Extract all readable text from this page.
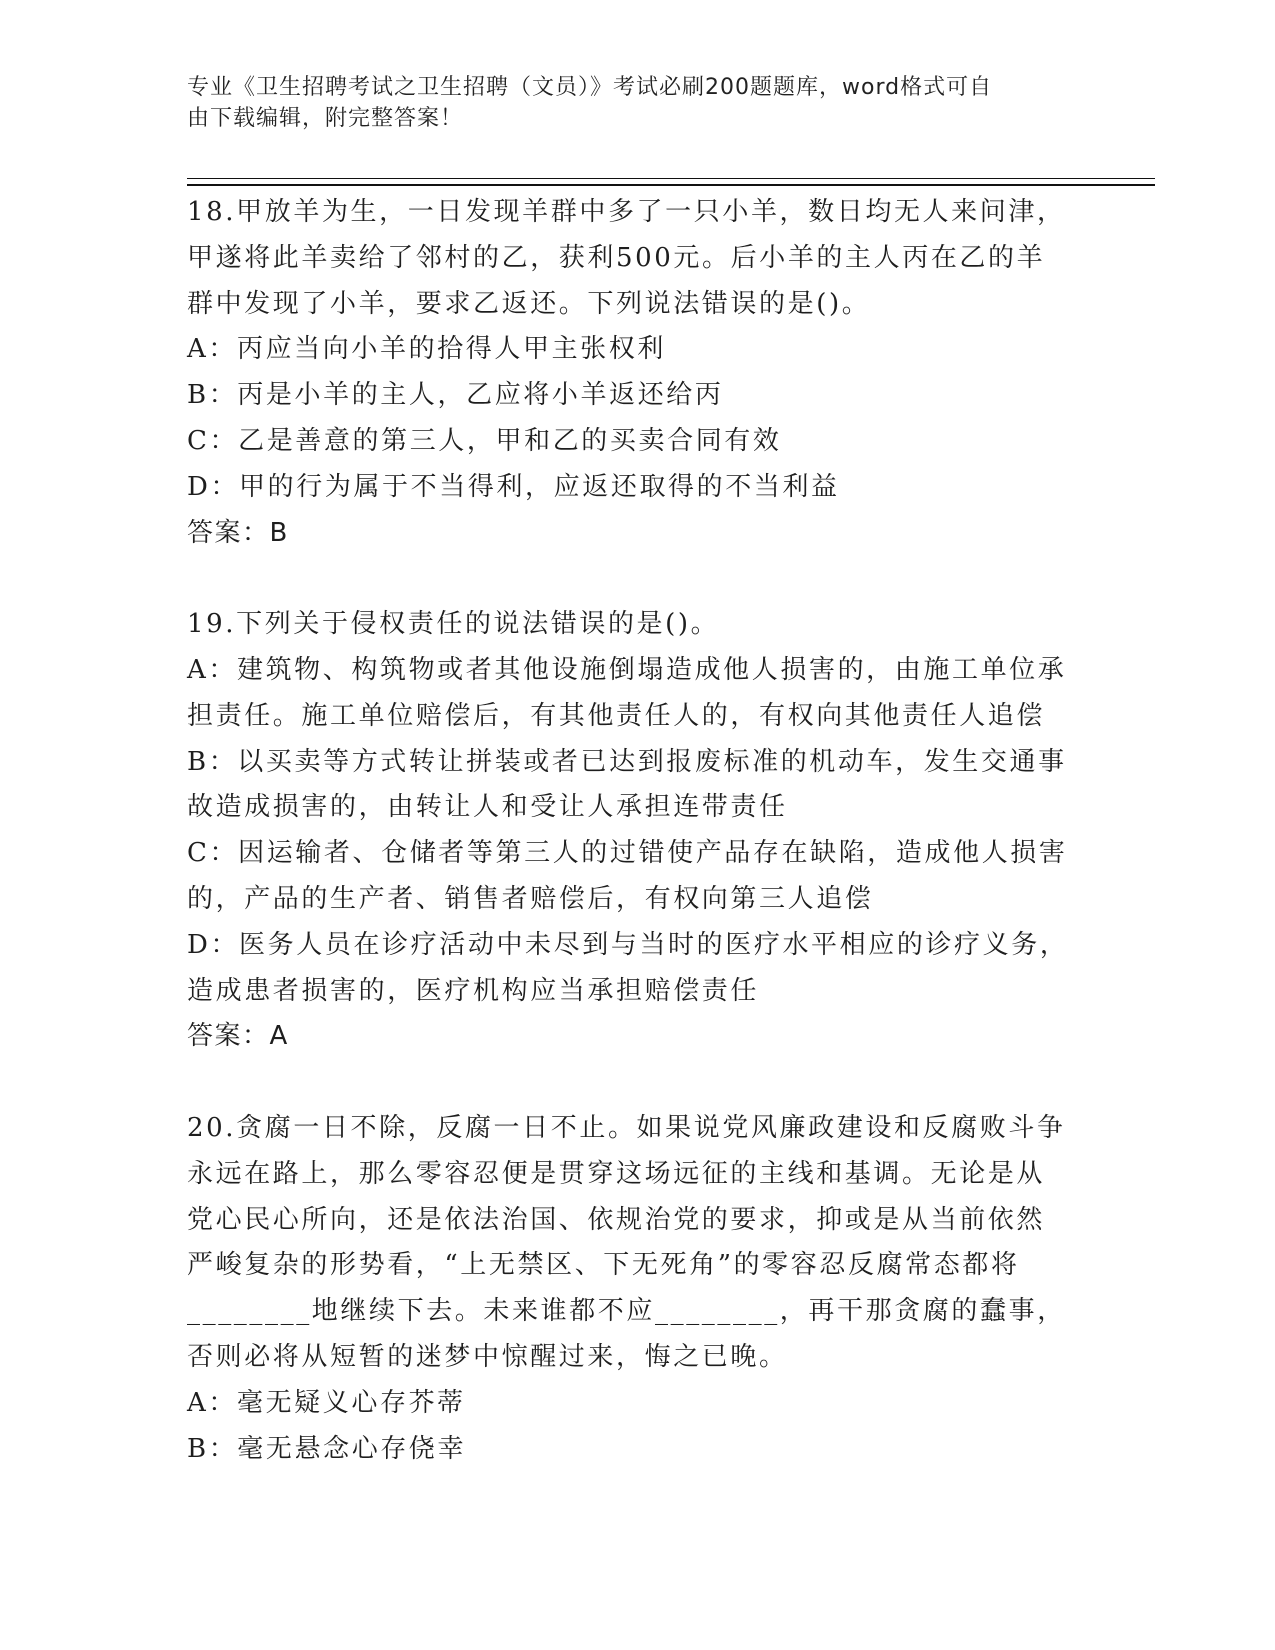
专业《卫生招聘考试之卫生招聘（文员）》考试必刷200题题库，word格式可自
由下载编辑，附完整答案！
18.甲放羊为生，一日发现羊群中多了一只小羊，数日均无人来问津，
甲遂将此羊卖给了邻村的乙，获利500元。后小羊的主人丙在乙的羊
群中发现了小羊，要求乙返还。下列说法错误的是()。
A：丙应当向小羊的拾得人甲主张权利
B：丙是小羊的主人，乙应将小羊返还给丙
C：乙是善意的第三人，甲和乙的买卖合同有效
D：甲的行为属于不当得利，应返还取得的不当利益
答案：B
19.下列关于侵权责任的说法错误的是()。
A：建筑物、构筑物或者其他设施倒塌造成他人损害的，由施工单位承
担责任。施工单位赔偿后，有其他责任人的，有权向其他责任人追偿
B：以买卖等方式转让拼装或者已达到报废标准的机动车，发生交通事
故造成损害的，由转让人和受让人承担连带责任
C：因运输者、仓储者等第三人的过错使产品存在缺陷，造成他人损害
的，产品的生产者、销售者赔偿后，有权向第三人追偿
D：医务人员在诊疗活动中未尽到与当时的医疗水平相应的诊疗义务，
造成患者损害的，医疗机构应当承担赔偿责任
答案：A
20.贪腐一日不除，反腐一日不止。如果说党风廉政建设和反腐败斗争
永远在路上，那么零容忍便是贯穿这场远征的主线和基调。无论是从
党心民心所向，还是依法治国、依规治党的要求，抑或是从当前依然
严峻复杂的形势看，“上无禁区、下无死角”的零容忍反腐常态都将
________地继续下去。未来谁都不应________，再干那贪腐的蠢事，
否则必将从短暂的迷梦中惊醒过来，悔之已晚。
A：毫无疑义心存芥蒂
B：毫无悬念心存侥幸
